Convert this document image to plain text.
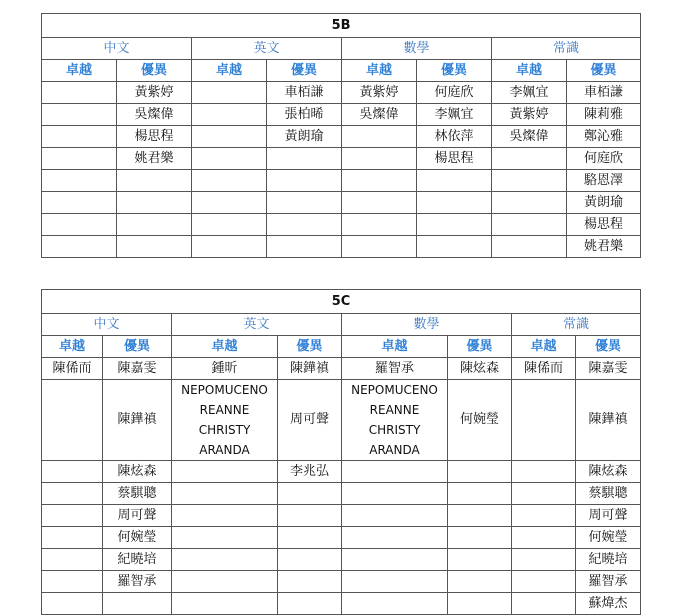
5B							
中文		英文		數學		常識	
卓越	優異	卓越	優異	卓越	優異	卓越	優異
	黃紫婷		車栢謙	黃紫婷	何庭欣	李姵宜	車栢謙
	吳燦偉		張柏晞	吳燦偉	李姵宜	黃紫婷	陳莉雅
	楊思程		黃朗瑜		林依萍	吳燦偉	鄭沁雅
	姚君樂				楊思程		何庭欣
							駱恩澤
							黃朗瑜
							楊思程
							姚君樂
5C							
中文		英文		數學		常識	
卓越	優異	卓越	優異	卓越	優異	卓越	優異
陳俙而	陳嘉雯	鍾昕	陳鏵禛	羅智承	陳炫森	陳俙而	陳嘉雯
	陳鏵禛	NEPOMUCENO
REANNE CHRISTY
ARANDA	周可聲	NEPOMUCENO
REANNE CHRISTY
ARANDA	何婉瑩		陳鏵禛
	陳炫森		李兆弘				陳炫森
	蔡騏聰						蔡騏聰
	周可聲						周可聲
	何婉瑩						何婉瑩
	紀曉培						紀曉培
	羅智承						羅智承
							蘇煒杰
